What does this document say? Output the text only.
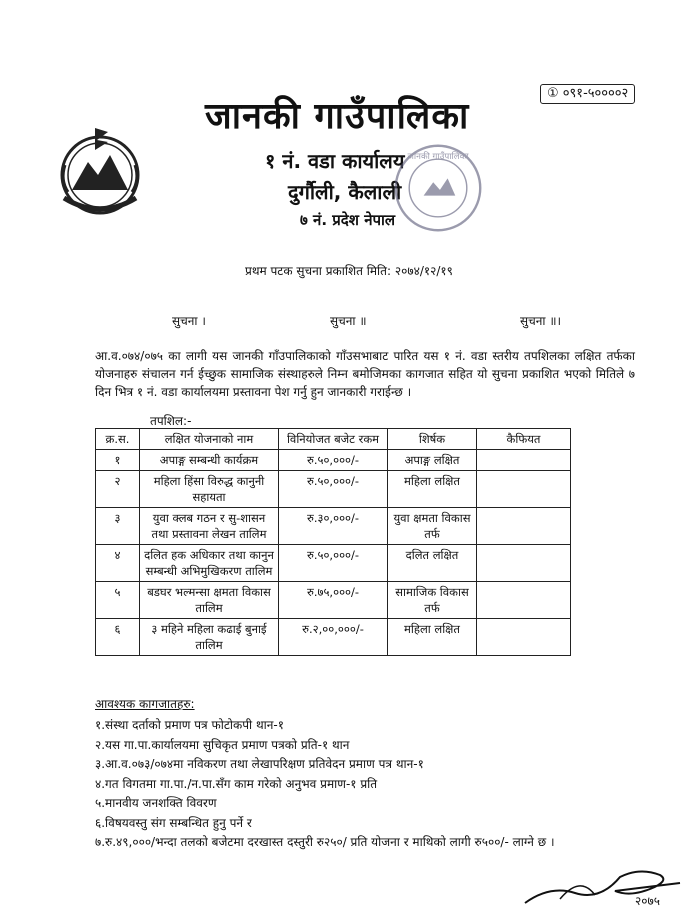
① ०९१-५००००२
जानकी गाउँपालिका
१ नं. वडा कार्यालय
दुर्गौली, कैलाली
७ नं. प्रदेश नेपाल
जानकी गाउँपालिका
प्रथम पटक सुचना प्रकाशित मिति: २०७४/१२/१९
सुचना ।	सुचना ॥	सुचना ॥।
आ.व.०७४/०७५ का लागी यस जानकी गाँउपालिकाको गाँउसभाबाट पारित यस १ नं. वडा स्तरीय तपशिलका लक्षित तर्फका योजनाहरु संचालन गर्न ईच्छुक सामाजिक संस्थाहरुले निम्न बमोजिमका कागजात सहित यो सुचना प्रकाशित भएको मितिले ७ दिन भित्र १ नं. वडा कार्यालयमा प्रस्तावना पेश गर्नु हुन जानकारी गराईन्छ ।
तपशिल:-
क्र.स.	लक्षित योजनाको नाम	विनियोजत बजेट रकम	शिर्षक	कैफियत
१	अपाङ्ग सम्बन्धी कार्यक्रम	रु.५०,०००/-	अपाङ्ग लक्षित	
२	महिला हिंसा विरुद्ध कानुनी सहायता	रु.५०,०००/-	महिला लक्षित	
३	युवा क्लब गठन र सु-शासन तथा प्रस्तावना लेखन तालिम	रु.३०,०००/-	युवा क्षमता विकास तर्फ	
४	दलित हक अधिकार तथा कानुन सम्बन्धी अभिमुखिकरण तालिम	रु.५०,०००/-	दलित लक्षित	
५	बडघर भल्मन्सा क्षमता विकास तालिम	रु.७५,०००/-	सामाजिक विकास तर्फ	
६	३ महिने महिला कढाई बुनाई तालिम	रु.२,००,०००/-	महिला लक्षित	
आवश्यक कागजातहरु:
१.संस्था दर्ताको प्रमाण पत्र फोटोकपी थान-१
२.यस गा.पा.कार्यालयमा सुचिकृत प्रमाण पत्रको प्रति-१ थान
३.आ.व.०७३/०७४मा नविकरण तथा लेखापरिक्षण प्रतिवेदन प्रमाण पत्र थान-१
४.गत विगतमा गा.पा./न.पा.सँग काम गरेको अनुभव प्रमाण-१ प्रति
५.मानवीय जनशक्ति विवरण
६.विषयवस्तु संग सम्बन्धित हुनु पर्ने र
७.रु.४९,०००/भन्दा तलको बजेटमा दरखास्त दस्तुरी रु२५०/ प्रति योजना र माथिको लागी रु५००/- लाग्ने छ ।
२०७५
